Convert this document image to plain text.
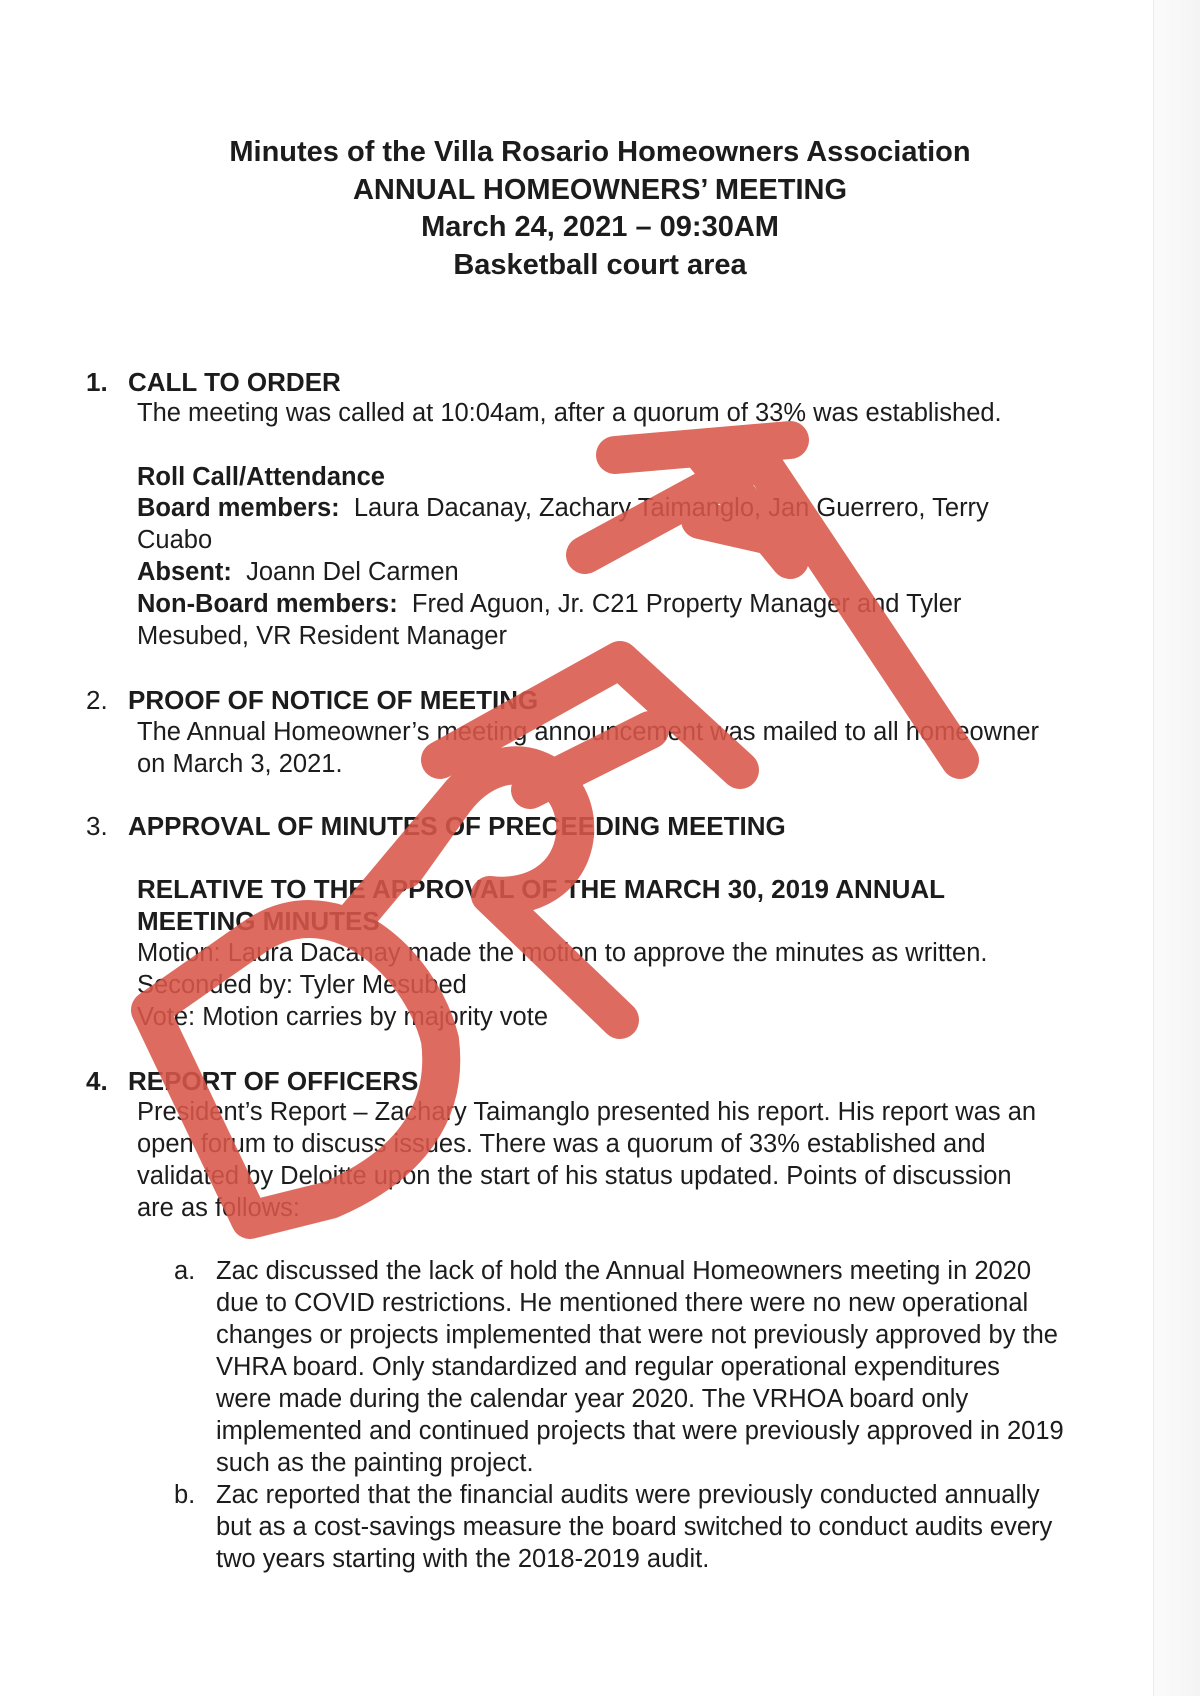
Minutes of the Villa Rosario Homeowners Association
ANNUAL HOMEOWNERS’ MEETING
March 24, 2021 – 09:30AM
Basketball court area
1. CALL TO ORDER

The meeting was called at 10:04am, after a quorum of 33% was established.

Roll Call/Attendance
Board members: Laura Dacanay, Zachary Taimanglo, Jan Guerrero, Terry
Cuabo
Absent: Joann Del Carmen
Non-Board members: Fred Aguon, Jr. C21 Property Manager and Tyler
Mesubed, VR Resident Manager
2. PROOF OF NOTICE OF MEETING
The Annual Homeowner’s meeting announcement was mailed to all homeowner
on March 3, 2021.
3. APPROVAL OF MINUTES OF PRECEEDING MEETING
RELATIVE TO THE APPROVAL OF THE MARCH 30, 2019 ANNUAL
MEETING MINUTES
Motion: Laura Dacanay made the motion to approve the minutes as written.
Seconded by: Tyler Mesubed
Vote: Motion carries by majority vote
4. REPORT OF OFFICERS
President’s Report – Zachary Taimanglo presented his report. His report was an
open forum to discuss issues. There was a quorum of 33% established and
validated by Deloitte upon the start of his status updated. Points of discussion
are as follows:
a. Zac discussed the lack of hold the Annual Homeowners meeting in 2020
due to COVID restrictions. He mentioned there were no new operational
changes or projects implemented that were not previously approved by the
VHRA board. Only standardized and regular operational expenditures
were made during the calendar year 2020. The VRHOA board only
implemented and continued projects that were previously approved in 2019
such as the painting project.
b. Zac reported that the financial audits were previously conducted annually
but as a cost-savings measure the board switched to conduct audits every
two years starting with the 2018-2019 audit.
